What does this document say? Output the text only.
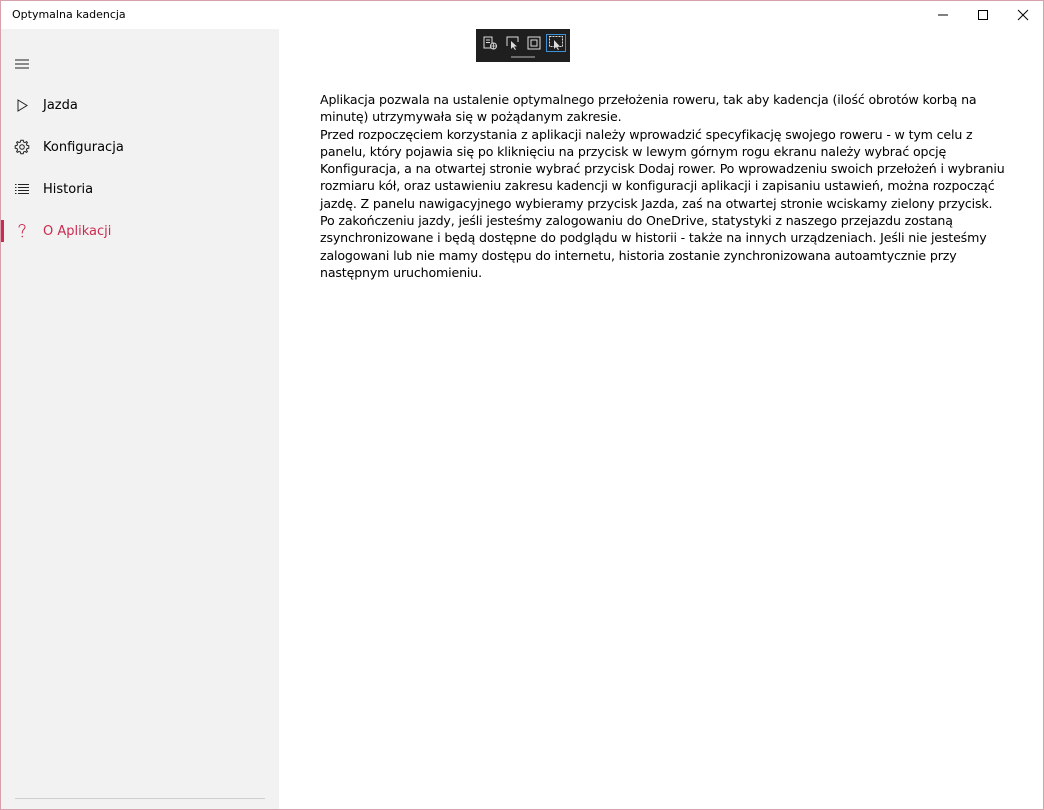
Optymalna kadencja
Jazda
Konfiguracja
Historia
O Aplikacji

Aplikacja pozwala na ustalenie optymalnego przełożenia roweru, tak aby kadencja (ilość obrotów korbą na minutę) utrzymywała się w pożądanym zakresie.

Przed rozpoczęciem korzystania z aplikacji należy wprowadzić specyfikację swojego roweru - w tym celu z panelu, który pojawia się po kliknięciu na przycisk w lewym górnym rogu ekranu należy wybrać opcję Konfiguracja, a na otwartej stronie wybrać przycisk Dodaj rower. Po wprowadzeniu swoich przełożeń i wybraniu rozmiaru kół, oraz ustawieniu zakresu kadencji w konfiguracji aplikacji i zapisaniu ustawień, można rozpocząć jazdę. Z panelu nawigacyjnego wybieramy przycisk Jazda, zaś na otwartej stronie wciskamy zielony przycisk.

Po zakończeniu jazdy, jeśli jesteśmy zalogowaniu do OneDrive, statystyki z naszego przejazdu zostaną zsynchronizowane i będą dostępne do podglądu w historii - także na innych urządzeniach. Jeśli nie jesteśmy zalogowani lub nie mamy dostępu do internetu, historia zostanie zynchronizowana autoamtycznie przy następnym uruchomieniu.
